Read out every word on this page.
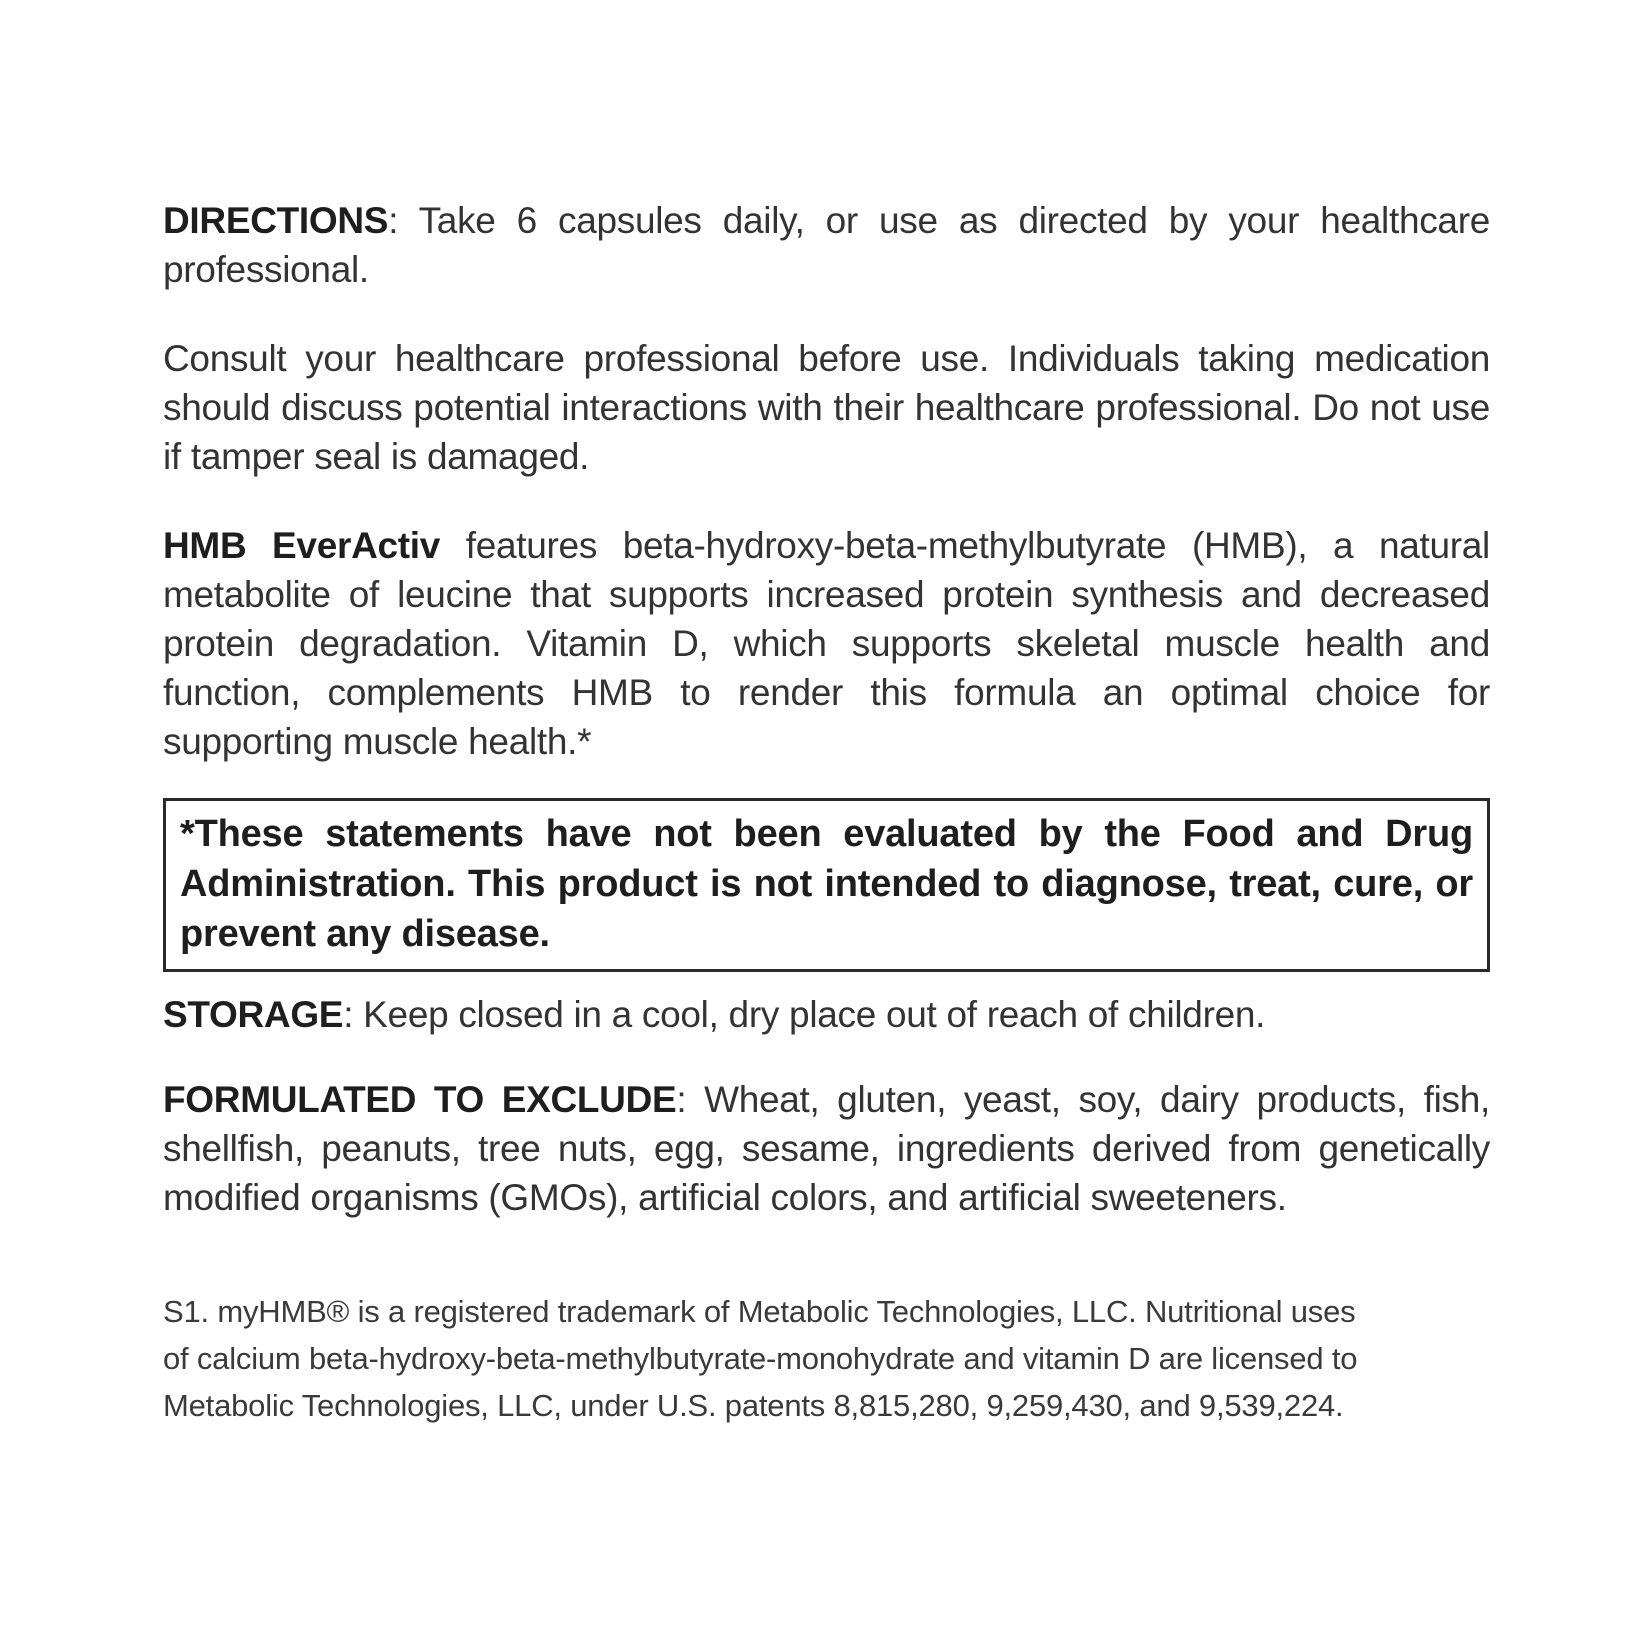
DIRECTIONS: Take 6 capsules daily, or use as directed by your healthcare professional.

Consult your healthcare professional before use. Individuals taking medication should discuss potential interactions with their healthcare professional. Do not use if tamper seal is damaged.

HMB EverActiv features beta-hydroxy-beta-methylbutyrate (HMB), a natural metabolite of leucine that supports increased protein synthesis and decreased protein degradation. Vitamin D, which supports skeletal muscle health and function, complements HMB to render this formula an optimal choice for supporting muscle health.*

*These statements have not been evaluated by the Food and Drug Administration. This product is not intended to diagnose, treat, cure, or prevent any disease.

STORAGE: Keep closed in a cool, dry place out of reach of children.

FORMULATED TO EXCLUDE: Wheat, gluten, yeast, soy, dairy products, fish, shellfish, peanuts, tree nuts, egg, sesame, ingredients derived from genetically modified organisms (GMOs), artificial colors, and artificial sweeteners.

S1. myHMB® is a registered trademark of Metabolic Technologies, LLC. Nutritional uses

of calcium beta-hydroxy-beta-methylbutyrate-monohydrate and vitamin D are licensed to

Metabolic Technologies, LLC, under U.S. patents 8,815,280, 9,259,430, and 9,539,224.
